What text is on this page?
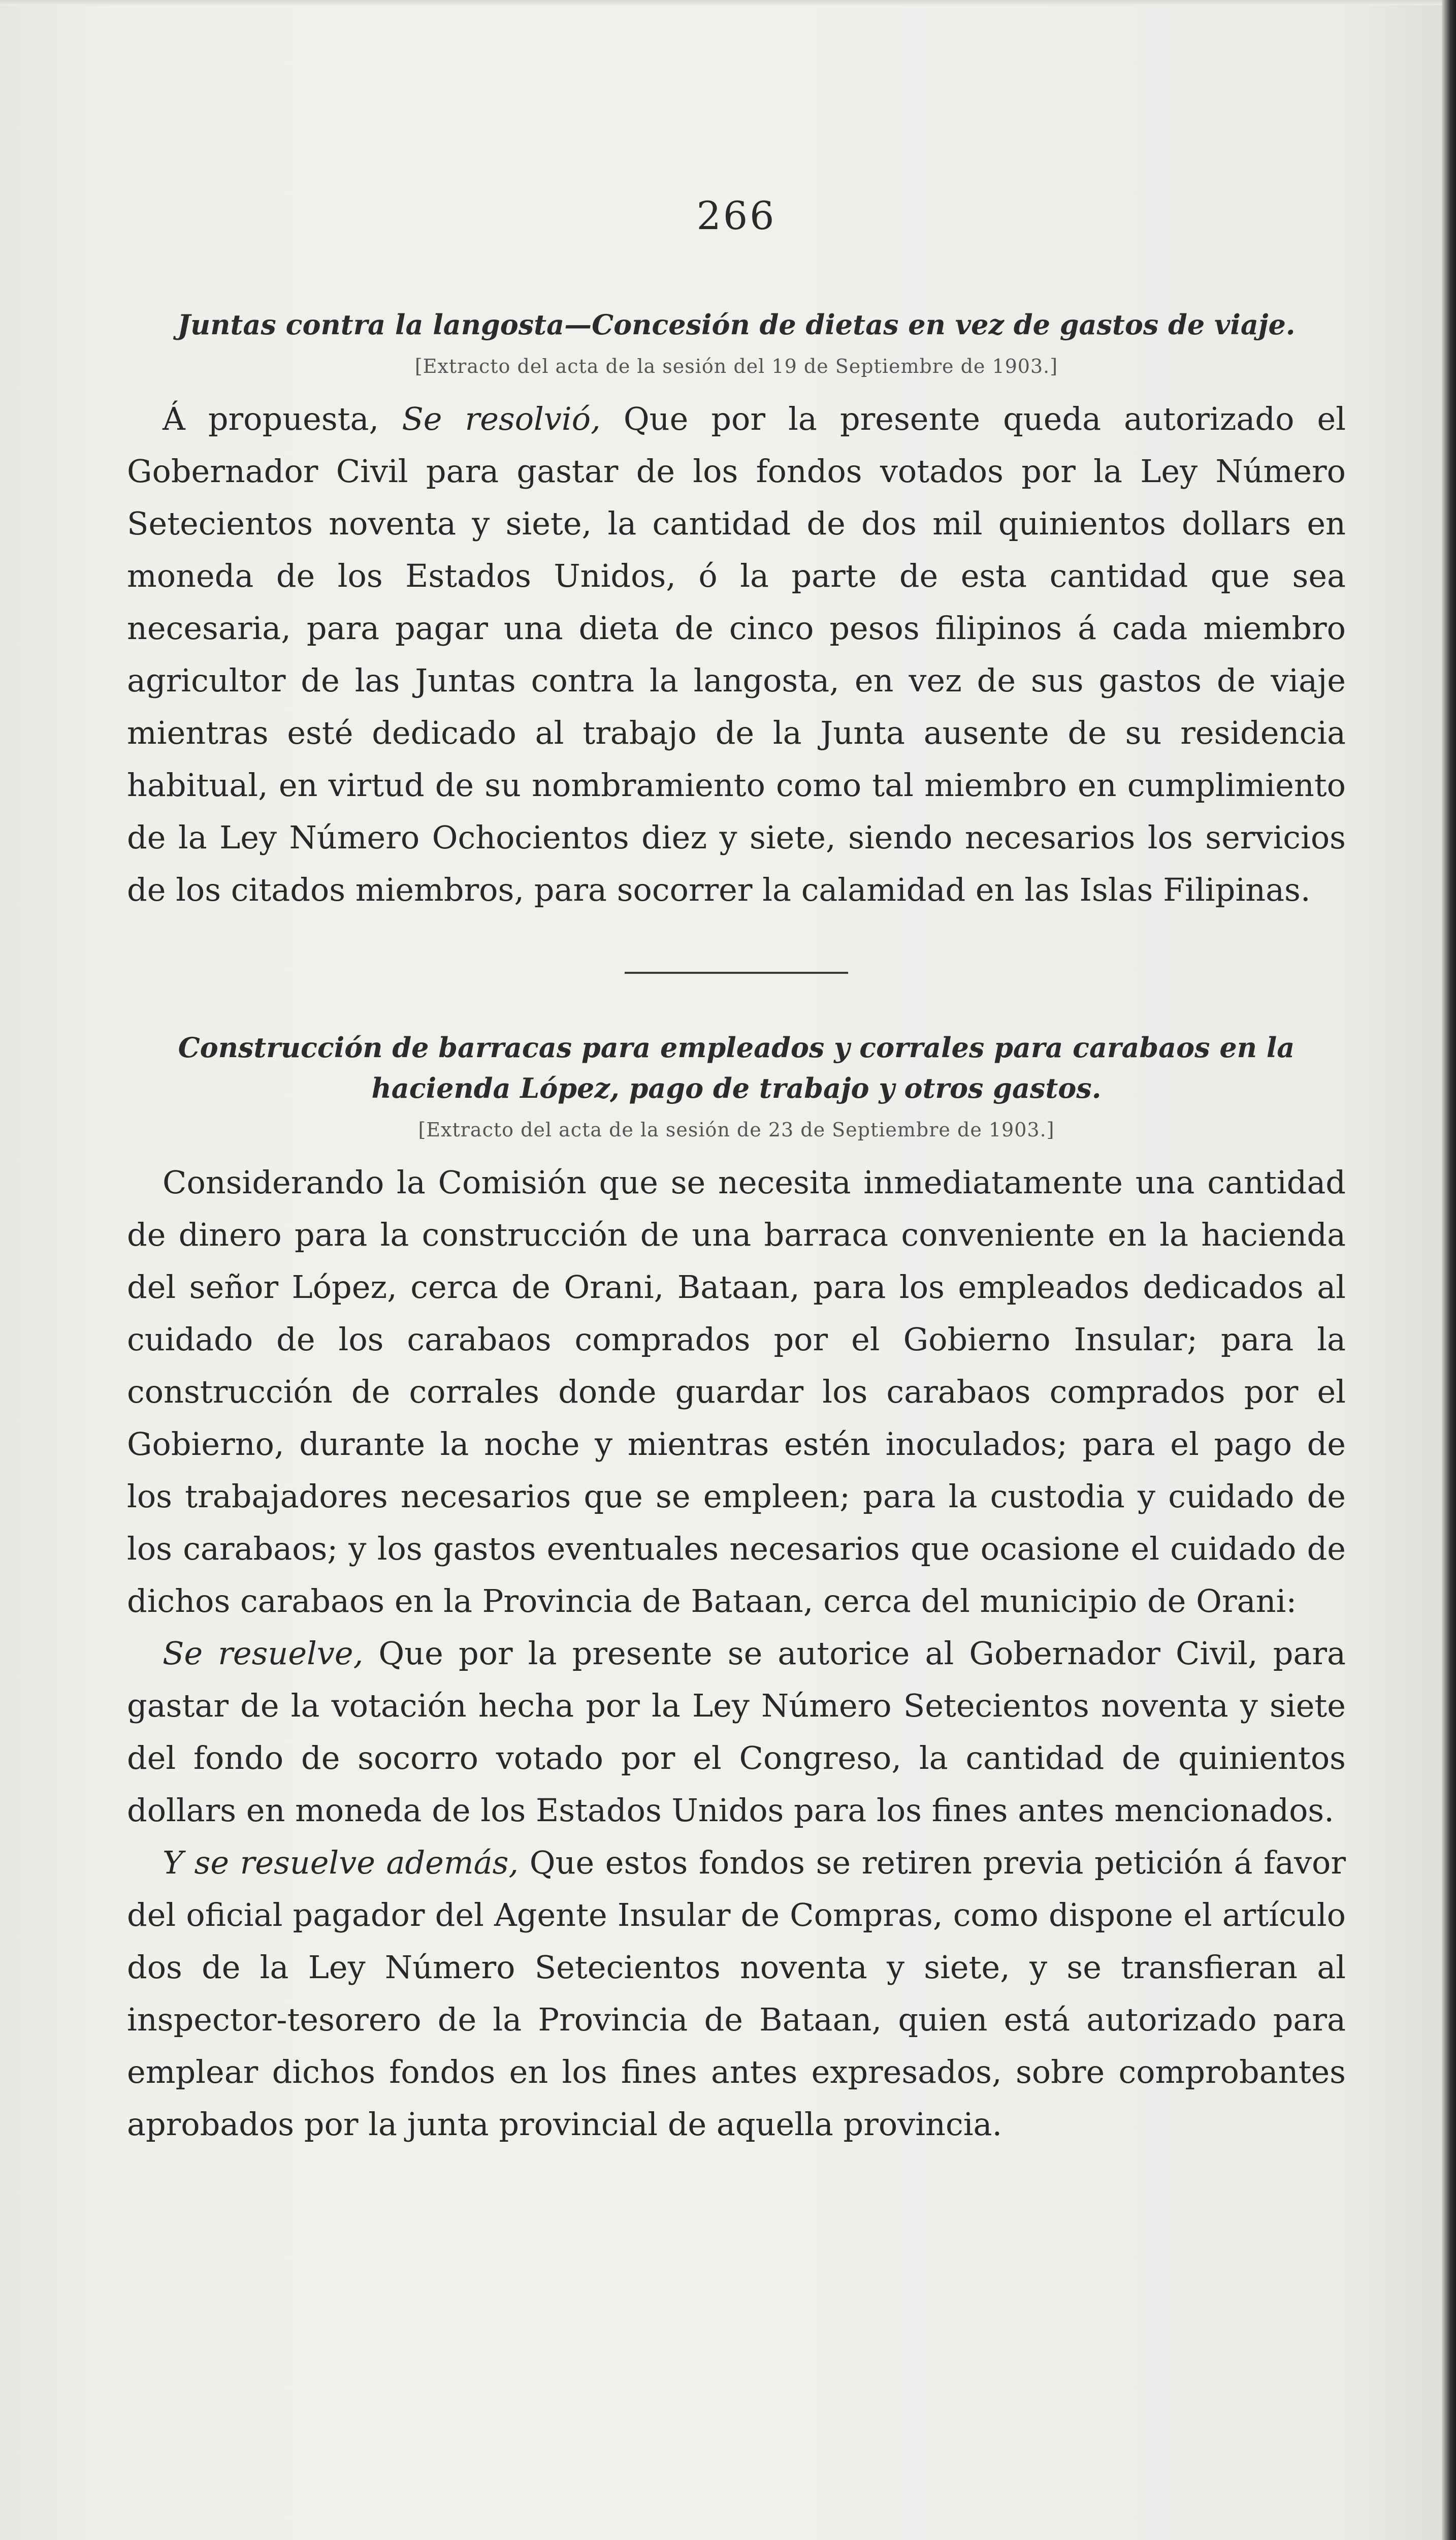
266
Juntas contra la langosta—Concesión de dietas en vez de gastos de viaje.
[Extracto del acta de la sesión del 19 de Septiembre de 1903.]

Á propuesta, Se resolvió, Que por la presente queda autorizado el Gobernador Civil para gastar de los fondos votados por la Ley Número Setecientos noventa y siete, la cantidad de dos mil quinientos dollars en moneda de los Estados Unidos, ó la parte de esta cantidad que sea necesaria, para pagar una dieta de cinco pesos filipinos á cada miembro agricultor de las Juntas contra la langosta, en vez de sus gastos de viaje mientras esté dedicado al trabajo de la Junta ausente de su residencia habitual, en virtud de su nombramiento como tal miembro en cumplimiento de la Ley Número Ochocientos diez y siete, siendo necesarios los servicios de los citados miembros, para socorrer la calamidad en las Islas Filipinas.

Construcción de barracas para empleados y corrales para carabaos en la
hacienda López, pago de trabajo y otros gastos.
[Extracto del acta de la sesión de 23 de Septiembre de 1903.]

Considerando la Comisión que se necesita inmediatamente una cantidad de dinero para la construcción de una barraca conveniente en la hacienda del señor López, cerca de Orani, Bataan, para los empleados dedicados al cuidado de los carabaos comprados por el Gobierno Insular; para la construcción de corrales donde guardar los carabaos comprados por el Gobierno, durante la noche y mientras estén inoculados; para el pago de los trabajadores necesarios que se empleen; para la custodia y cuidado de los carabaos; y los gastos eventuales necesarios que ocasione el cuidado de dichos carabaos en la Provincia de Bataan, cerca del municipio de Orani:

Se resuelve, Que por la presente se autorice al Gobernador Civil, para gastar de la votación hecha por la Ley Número Setecientos noventa y siete del fondo de socorro votado por el Congreso, la cantidad de quinientos dollars en moneda de los Estados Unidos para los fines antes mencionados.

Y se resuelve además, Que estos fondos se retiren previa petición á favor del oficial pagador del Agente Insular de Compras, como dispone el artículo dos de la Ley Número Setecientos noventa y siete, y se transfieran al inspector-tesorero de la Provincia de Bataan, quien está autorizado para emplear dichos fondos en los fines antes expresados, sobre comprobantes aprobados por la junta provincial de aquella provincia.
